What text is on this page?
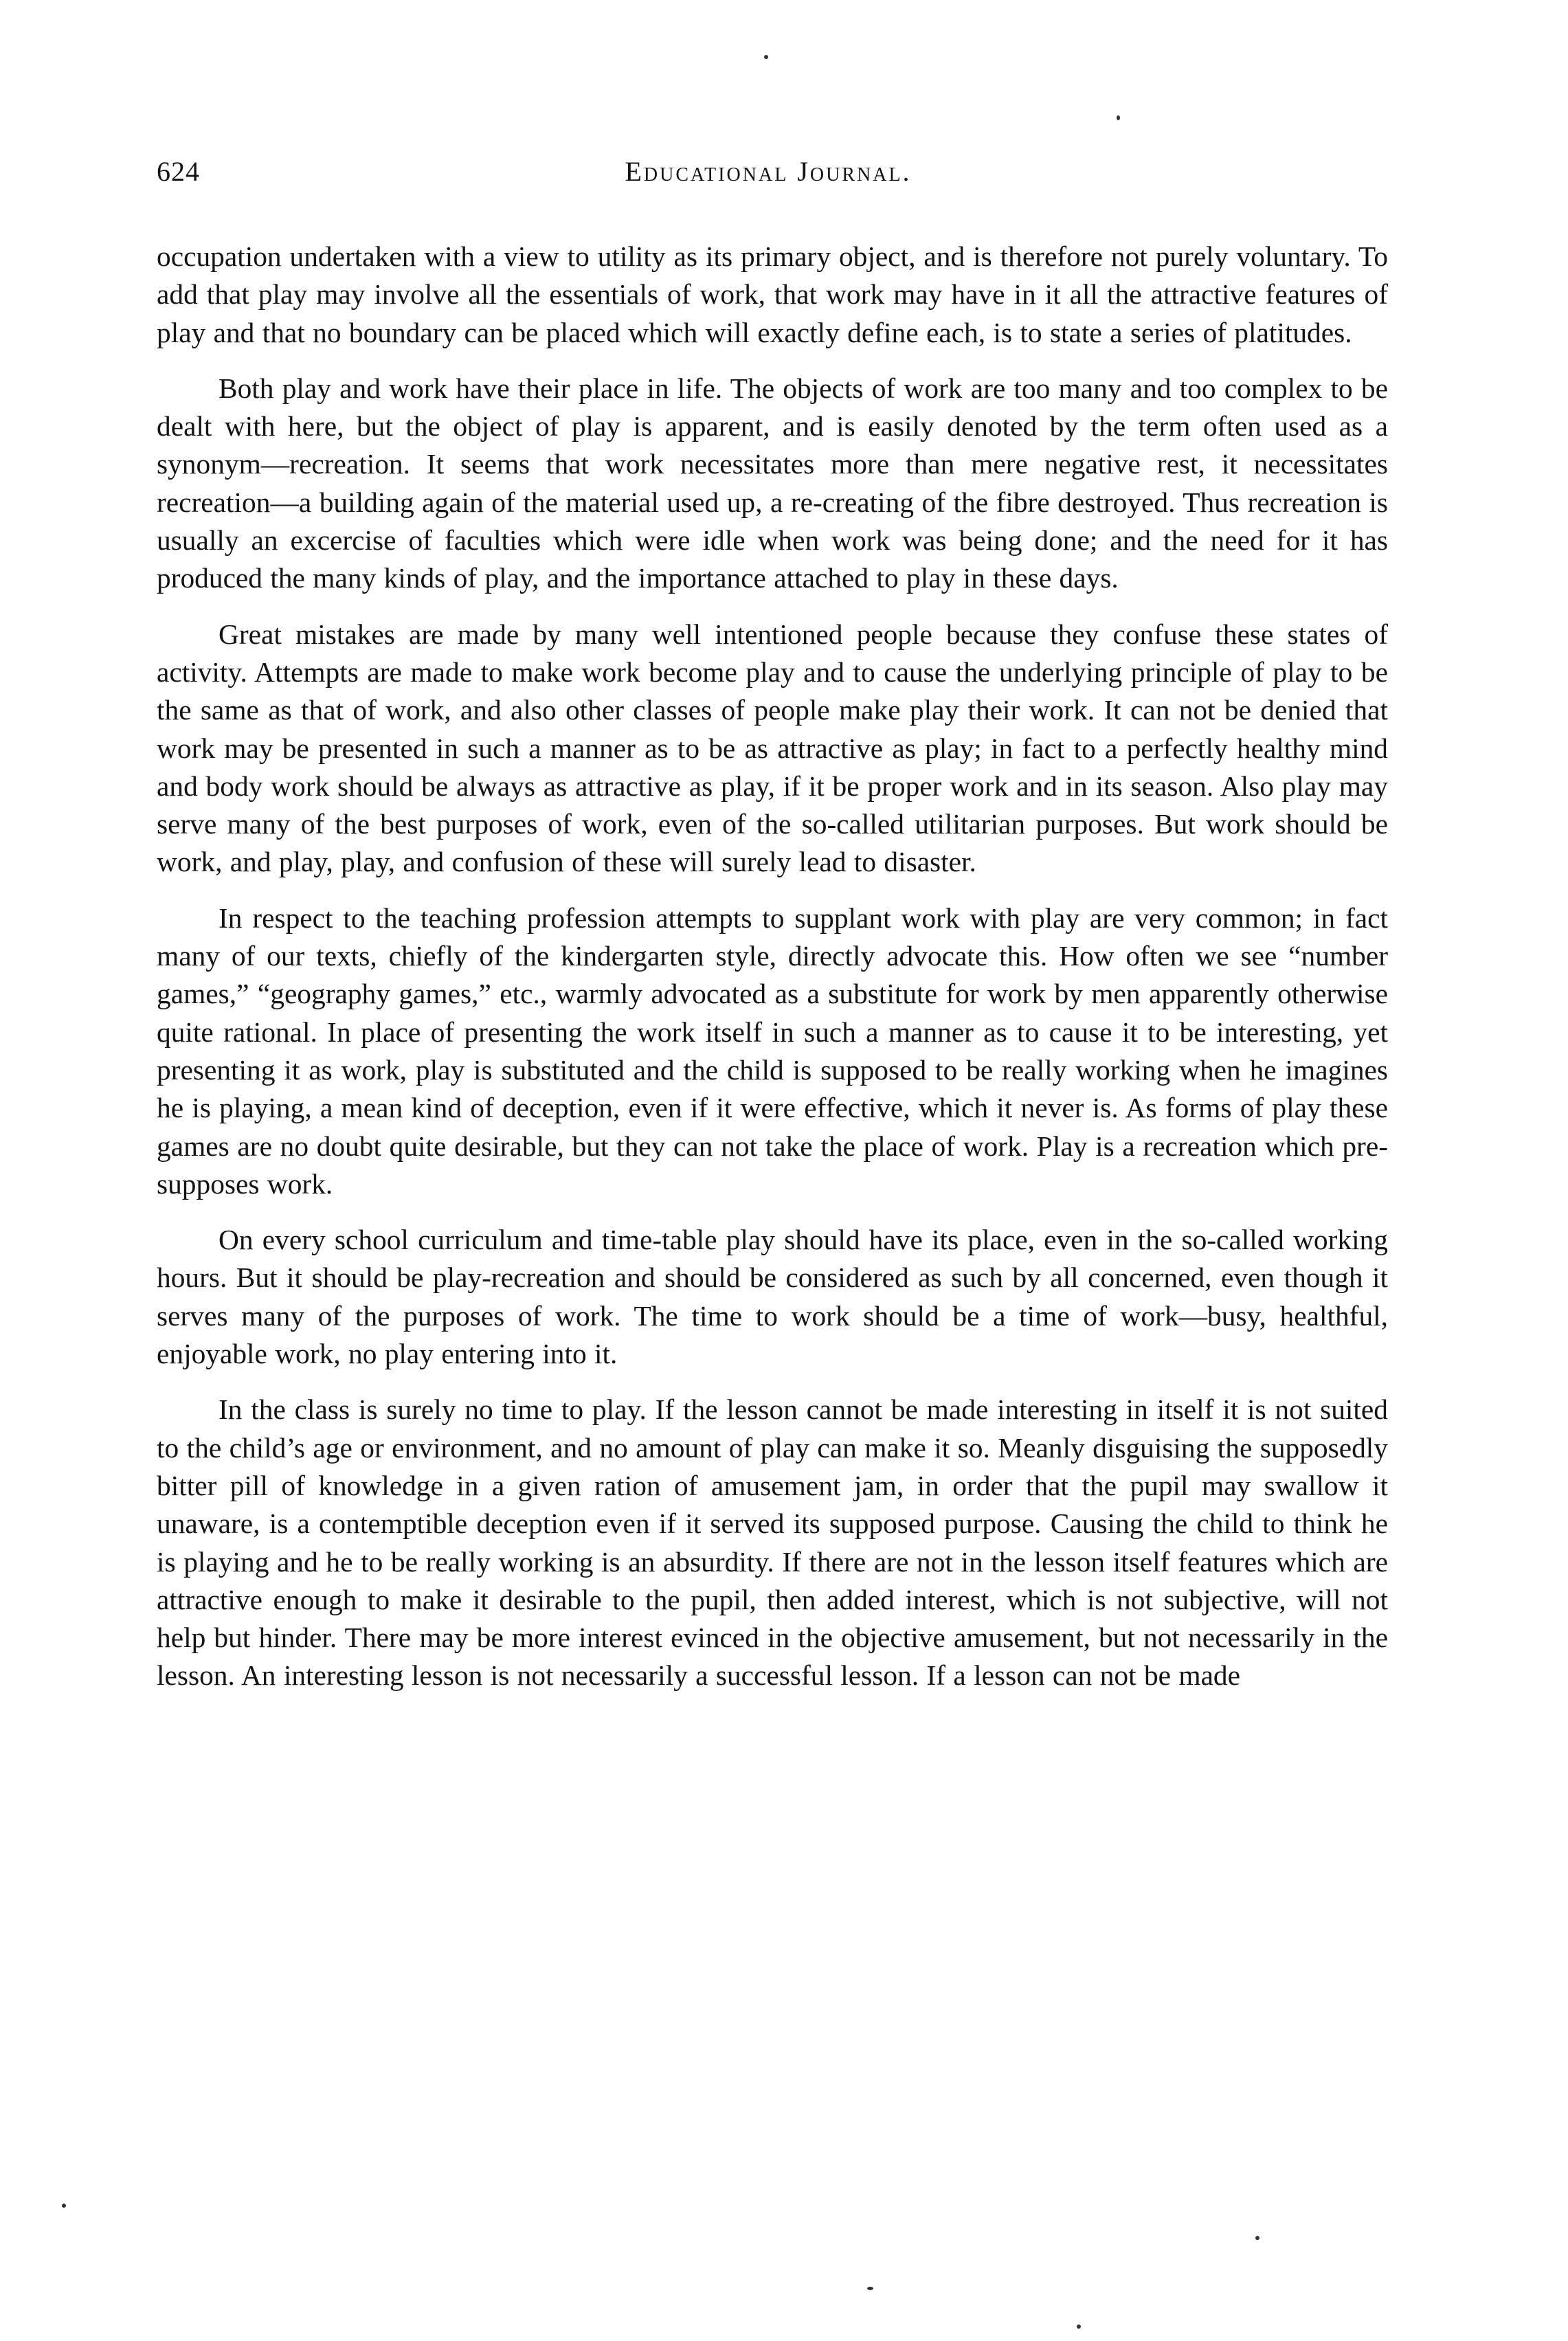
624	Educational Journal.

occupation undertaken with a view to utility as its primary object, and is therefore not purely voluntary. To add that play may involve all the essentials of work, that work may have in it all the attractive features of play and that no boundary can be placed which will exactly define each, is to state a series of platitudes.

Both play and work have their place in life. The objects of work are too many and too complex to be dealt with here, but the object of play is apparent, and is easily denoted by the term often used as a synonym—recreation. It seems that work necessitates more than mere negative rest, it necessitates recreation—a building again of the material used up, a re-creating of the fibre destroyed. Thus recreation is usually an excercise of faculties which were idle when work was being done; and the need for it has produced the many kinds of play, and the importance attached to play in these days.

Great mistakes are made by many well intentioned people because they confuse these states of activity. Attempts are made to make work become play and to cause the underlying principle of play to be the same as that of work, and also other classes of people make play their work. It can not be denied that work may be presented in such a manner as to be as attractive as play; in fact to a perfectly healthy mind and body work should be always as attractive as play, if it be proper work and in its season. Also play may serve many of the best purposes of work, even of the so-called utilitarian purposes. But work should be work, and play, play, and confusion of these will surely lead to disaster.

In respect to the teaching profession attempts to supplant work with play are very common; in fact many of our texts, chiefly of the kindergarten style, directly advocate this. How often we see “number games,” “geography games,” etc., warmly advocated as a substitute for work by men apparently otherwise quite rational. In place of presenting the work itself in such a manner as to cause it to be interesting, yet presenting it as work, play is substituted and the child is supposed to be really working when he imagines he is playing, a mean kind of deception, even if it were effective, which it never is. As forms of play these games are no doubt quite desirable, but they can not take the place of work. Play is a recreation which pre-supposes work.

On every school curriculum and time-table play should have its place, even in the so-called working hours. But it should be play-recreation and should be considered as such by all concerned, even though it serves many of the purposes of work. The time to work should be a time of work—busy, healthful, enjoyable work, no play entering into it.

In the class is surely no time to play. If the lesson cannot be made interesting in itself it is not suited to the child’s age or environment, and no amount of play can make it so. Meanly disguising the supposedly bitter pill of knowledge in a given ration of amusement jam, in order that the pupil may swallow it unaware, is a contemptible deception even if it served its supposed purpose. Causing the child to think he is playing and he to be really working is an absurdity. If there are not in the lesson itself features which are attractive enough to make it desirable to the pupil, then added interest, which is not subjective, will not help but hinder. There may be more interest evinced in the objective amusement, but not necessarily in the lesson. An interesting lesson is not necessarily a successful lesson. If a lesson can not be made
